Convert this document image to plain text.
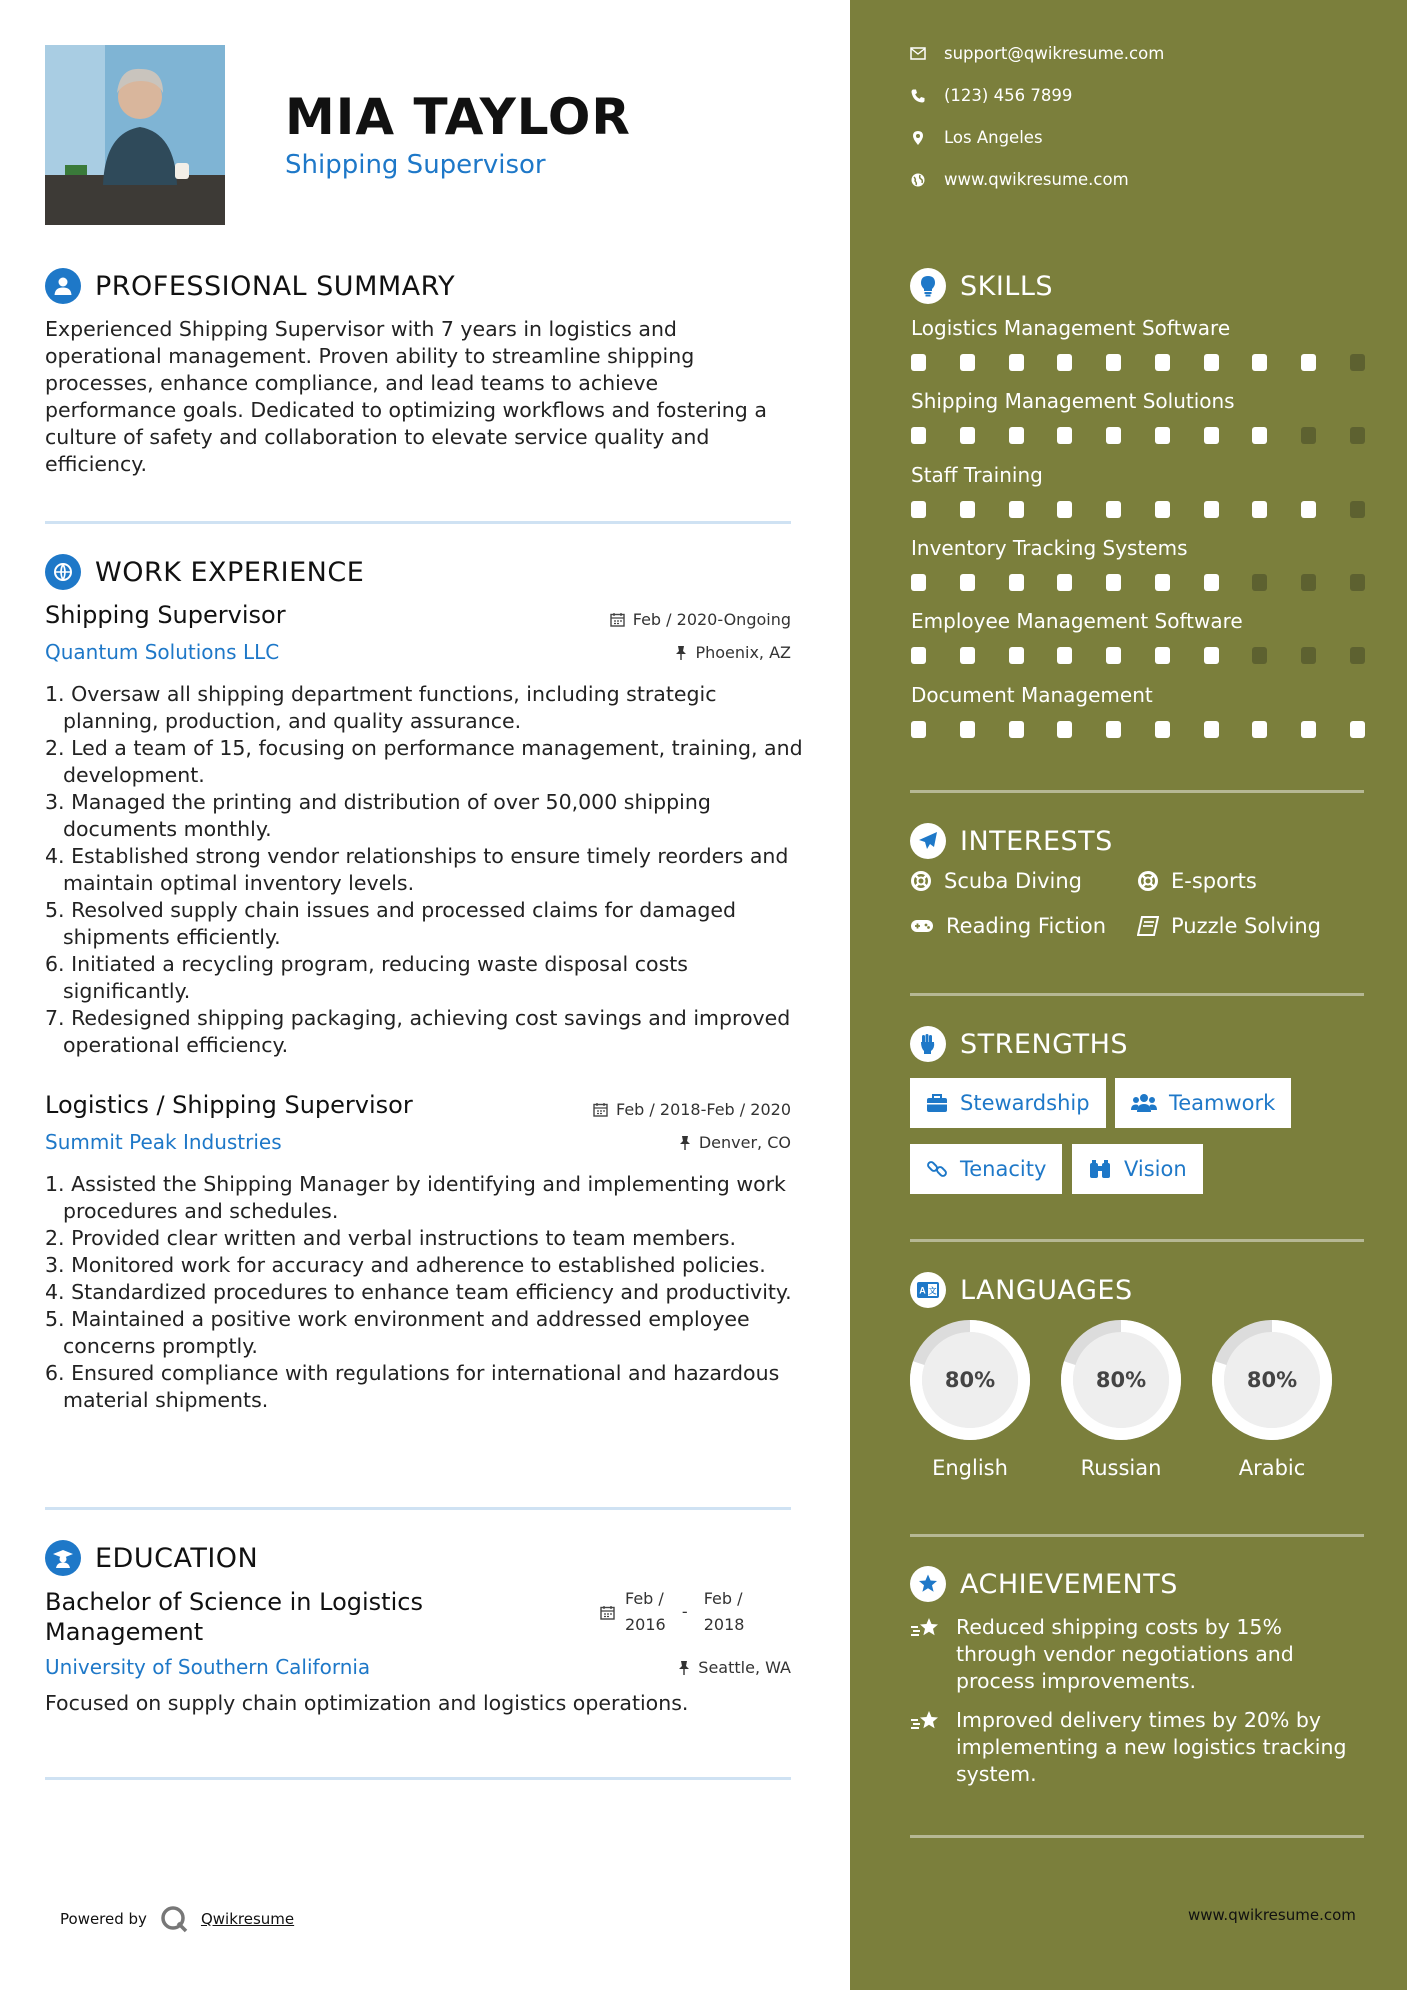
MIA TAYLOR
Shipping Supervisor
PROFESSIONAL SUMMARY
Experienced Shipping Supervisor with 7 years in logistics and operational management. Proven ability to streamline shipping processes, enhance compliance, and lead teams to achieve performance goals. Dedicated to optimizing workflows and fostering a culture of safety and collaboration to elevate service quality and efficiency.
WORK EXPERIENCE
Shipping Supervisor	Feb / 2020-Ongoing
Quantum Solutions LLC	Phoenix, AZ
Oversaw all shipping department functions, including strategic planning, production, and quality assurance.
Led a team of 15, focusing on performance management, training, and development.
Managed the printing and distribution of over 50,000 shipping documents monthly.
Established strong vendor relationships to ensure timely reorders and maintain optimal inventory levels.
Resolved supply chain issues and processed claims for damaged shipments efficiently.
Initiated a recycling program, reducing waste disposal costs significantly.
Redesigned shipping packaging, achieving cost savings and improved operational efficiency.
Logistics / Shipping Supervisor	Feb / 2018-Feb / 2020
Summit Peak Industries	Denver, CO
Assisted the Shipping Manager by identifying and implementing work procedures and schedules.
Provided clear written and verbal instructions to team members.
Monitored work for accuracy and adherence to established policies.
Standardized procedures to enhance team efficiency and productivity.
Maintained a positive work environment and addressed employee concerns promptly.
Ensured compliance with regulations for international and hazardous material shipments.
EDUCATION
Bachelor of Science in Logistics Management
Feb /
2016
-
Feb /
2018
University of Southern California	Seattle, WA
Focused on supply chain optimization and logistics operations.
Powered by	Qwikresume
support@qwikresume.com
(123) 456 7899
Los Angeles
www.qwikresume.com
SKILLS
Logistics Management Software
Shipping Management Solutions
Staff Training
Inventory Tracking Systems
Employee Management Software
Document Management
INTERESTS
Scuba Diving	E-sports
Reading Fiction	Puzzle Solving
STRENGTHS
Stewardship	Teamwork
Tenacity	Vision
A 文 LANGUAGES
80%
English
80%
Russian
80%
Arabic
ACHIEVEMENTS
Reduced shipping costs by 15% through vendor negotiations and process improvements.
Improved delivery times by 20% by implementing a new logistics tracking system.
www.qwikresume.com
